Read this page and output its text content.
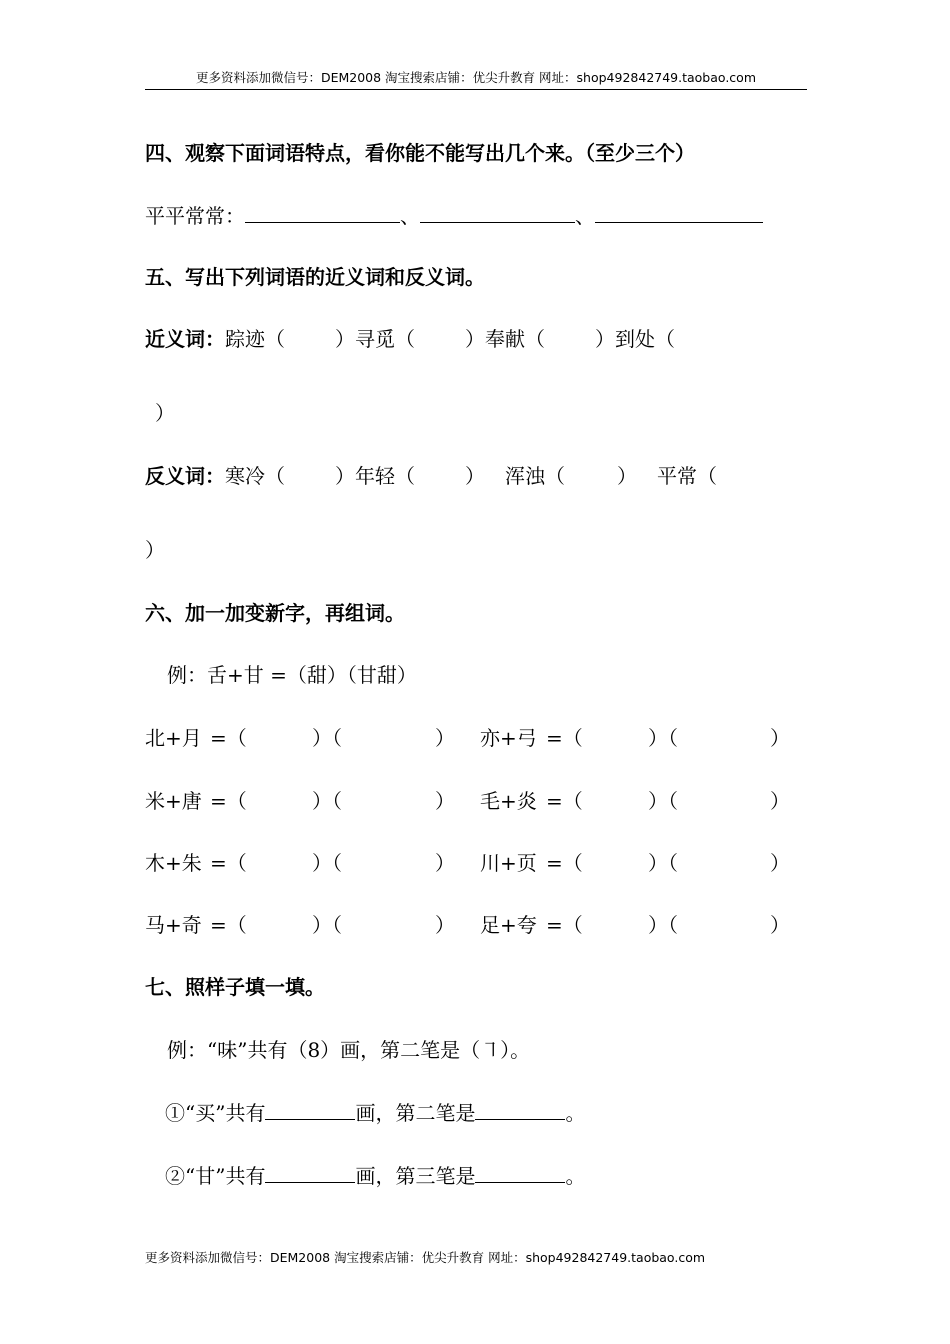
更多资料添加微信号：DEM2008 淘宝搜索店铺：优尖升教育 网址：shop492842749.taobao.com
四、观察下面词语特点，看你能不能写出几个来。（至少三个）
平平常常：	、	、
五、写出下列词语的近义词和反义词。
近义词：踪迹（	）寻觅（	）奉献（	）到处（
）
反义词：寒冷（	）年轻（	） 浑浊（	） 平常（
）
六、加一加变新字，再组词。
例：舌+甘 =（甜）（甘甜）
北+月 =（	）（	） 亦+弓 =（	）（	）
米+唐 =（	）（	） 毛+炎 =（	）（	）
木+朱 =（	）（	） 川+页 =（	）（	）
马+奇 =（	）（	） 足+夸 =（	）（	）
七、照样子填一填。
例：“味”共有（8）画，第二笔是（㇕）。
①“买”共有	画，第二笔是	。
②“甘”共有	画，第三笔是	。
更多资料添加微信号：DEM2008 淘宝搜索店铺：优尖升教育 网址：shop492842749.taobao.com
